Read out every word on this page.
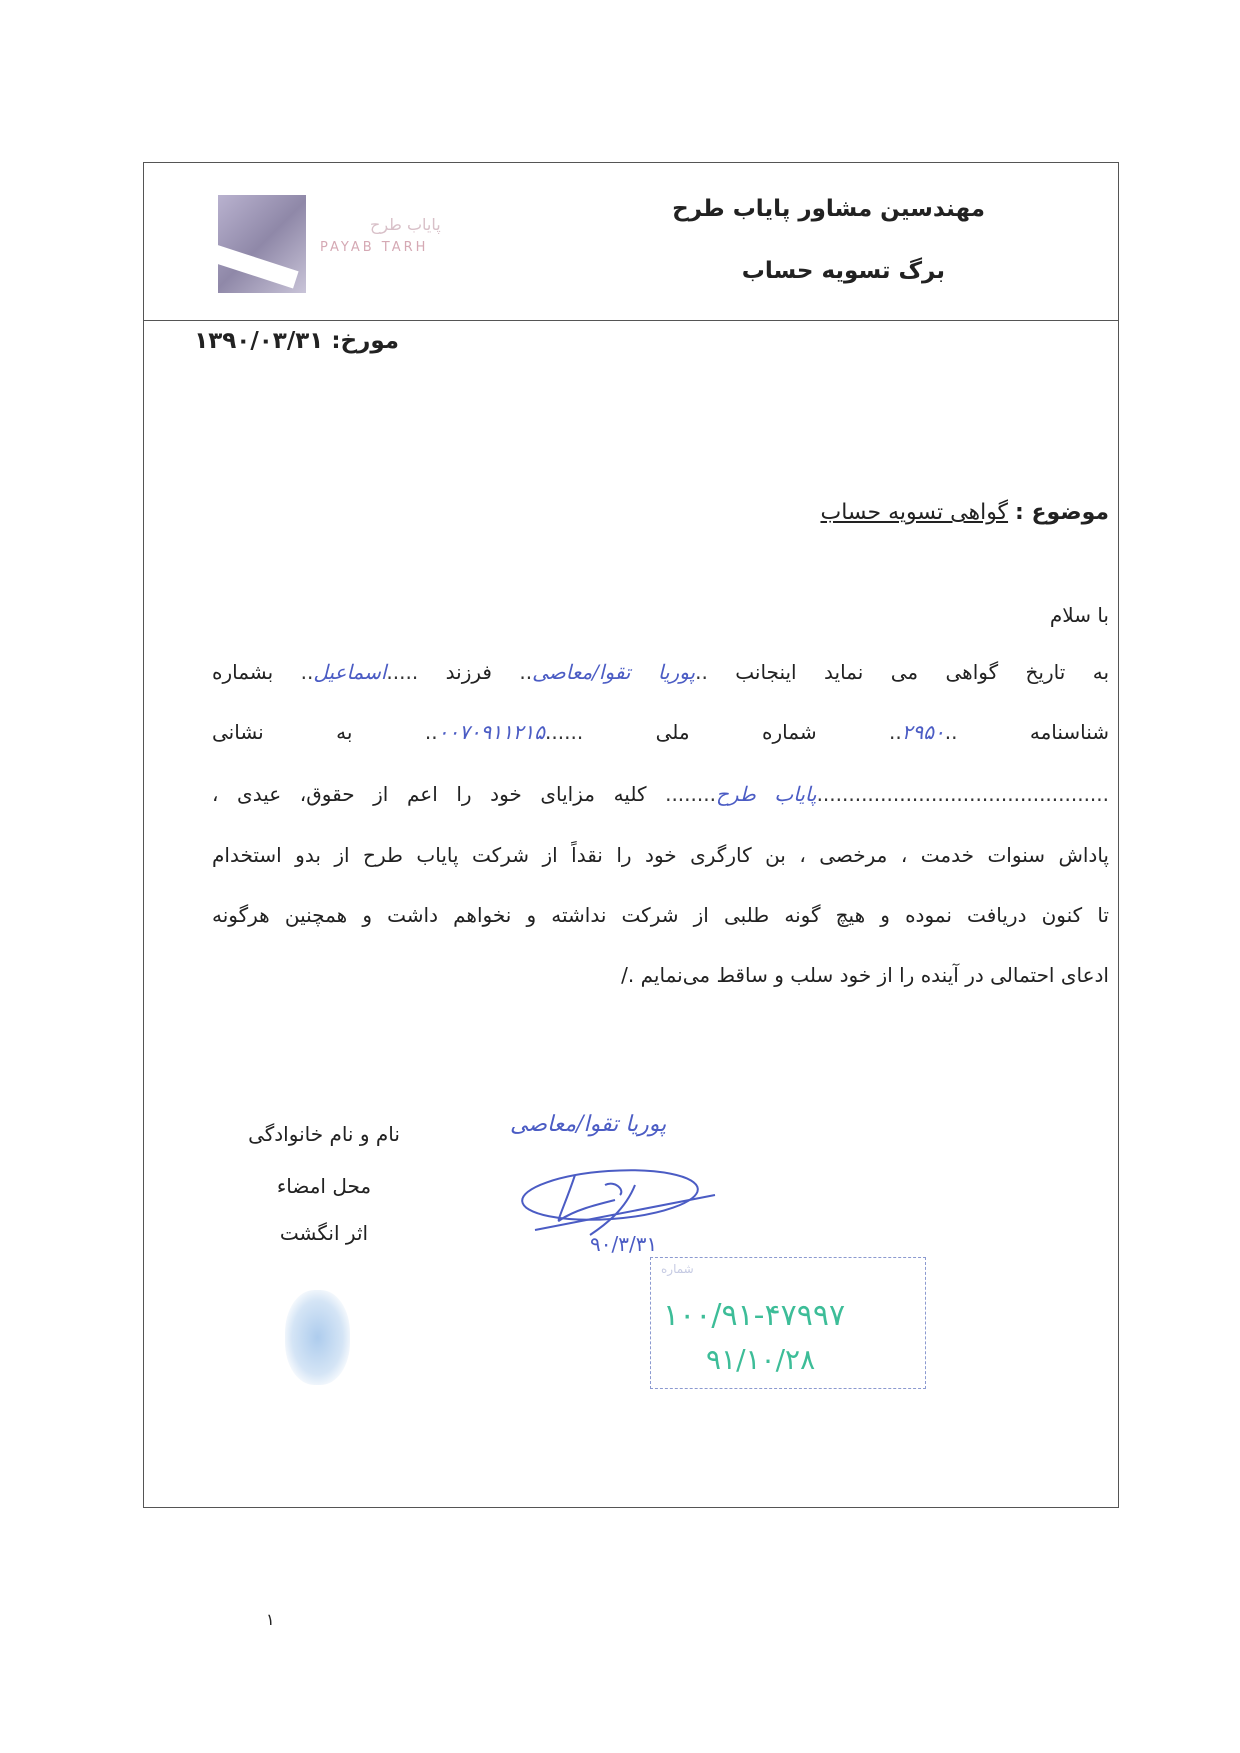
پایاب طرح
PAYAB TARH
مهندسین مشاور پایاب طرح
برگ تسویه حساب
مورخ: ۱۳۹۰/۰۳/۳۱
موضوع : گواهی تسویه حساب
با سلام
به تاریخ گواهی می نماید اینجانب ..پوریا تقوا/معاصی.. فرزند .....اسماعیل.. بشماره
شناسنامه ..۲۹۵۰.. شماره ملی ......۰۰۷۰۹۱۱۲۱۵.. به نشانی
..............................................پایاب طرح........ کلیه مزایای خود را اعم از حقوق، عیدی ،
پاداش سنوات خدمت ، مرخصی ، بن کارگری خود را نقداً از شرکت پایاب طرح از بدو استخدام
تا کنون دریافت نموده و هیچ گونه طلبی از شرکت نداشته و نخواهم داشت و همچنین هرگونه
ادعای احتمالی در آینده را از خود سلب و ساقط می‌نمایم ./
نام و نام خانوادگی
محل امضاء
اثر انگشت
پوریا تقوا/معاصی
۹۰/۳/۳۱
شماره
۱۰۰/۹۱-۴۷۹۹۷
۹۱/۱۰/۲۸
۱
